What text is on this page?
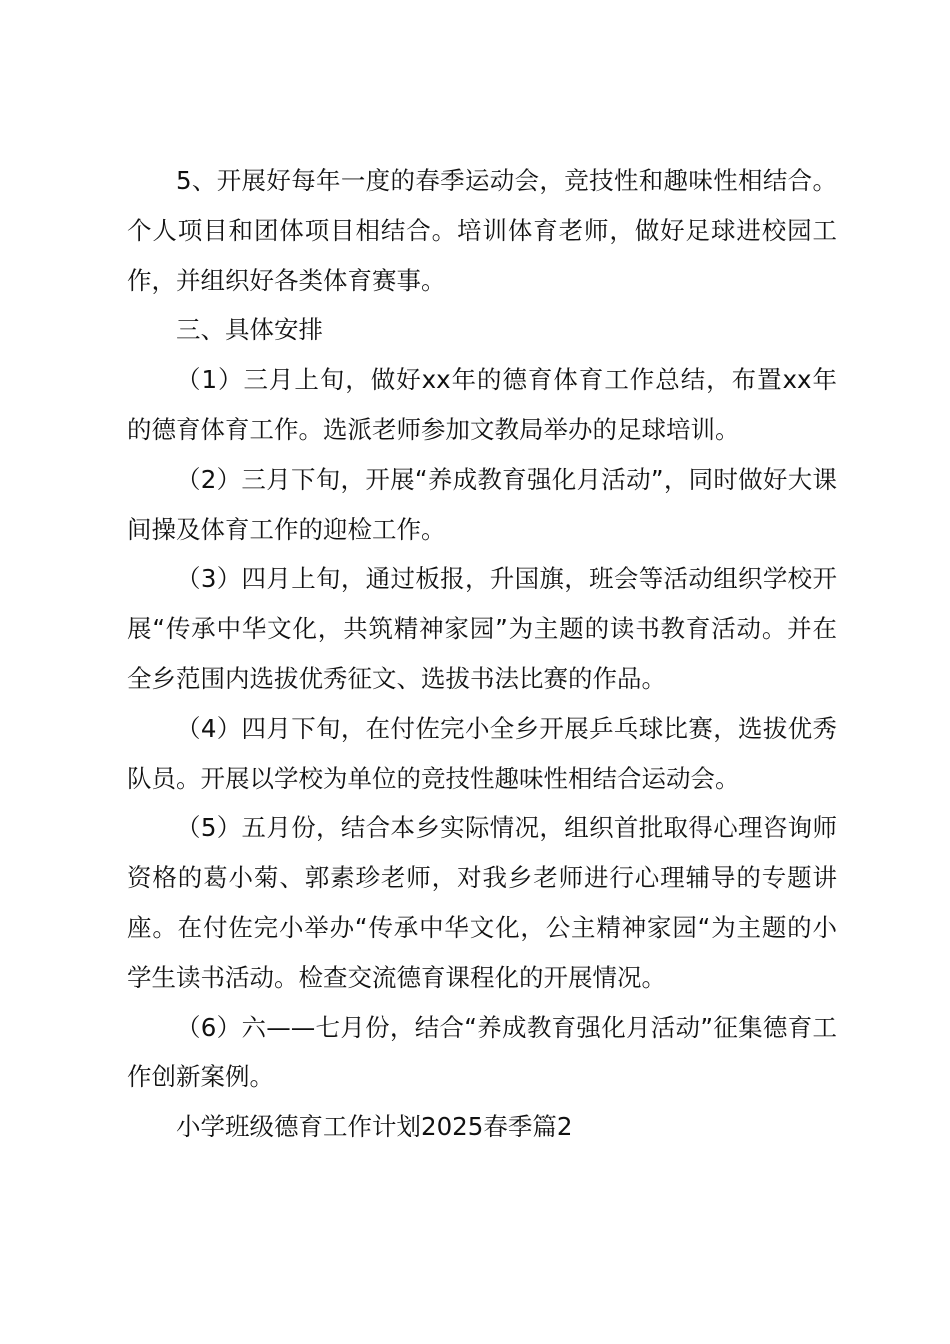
5、开展好每年一度的春季运动会，竞技性和趣味性相结合。个人项目和团体项目相结合。培训体育老师，做好足球进校园工作，并组织好各类体育赛事。

三、具体安排

（1）三月上旬，做好xx年的德育体育工作总结，布置xx年的德育体育工作。选派老师参加文教局举办的足球培训。

（2）三月下旬，开展“养成教育强化月活动”，同时做好大课间操及体育工作的迎检工作。

（3）四月上旬，通过板报，升国旗，班会等活动组织学校开展“传承中华文化，共筑精神家园”为主题的读书教育活动。并在全乡范围内选拔优秀征文、选拔书法比赛的作品。

（4）四月下旬，在付佐完小全乡开展乒乓球比赛，选拔优秀队员。开展以学校为单位的竞技性趣味性相结合运动会。

（5）五月份，结合本乡实际情况，组织首批取得心理咨询师资格的葛小菊、郭素珍老师，对我乡老师进行心理辅导的专题讲座。在付佐完小举办“传承中华文化，公主精神家园“为主题的小学生读书活动。检查交流德育课程化的开展情况。

（6）六——七月份，结合“养成教育强化月活动”征集德育工作创新案例。

小学班级德育工作计划2025春季篇2
